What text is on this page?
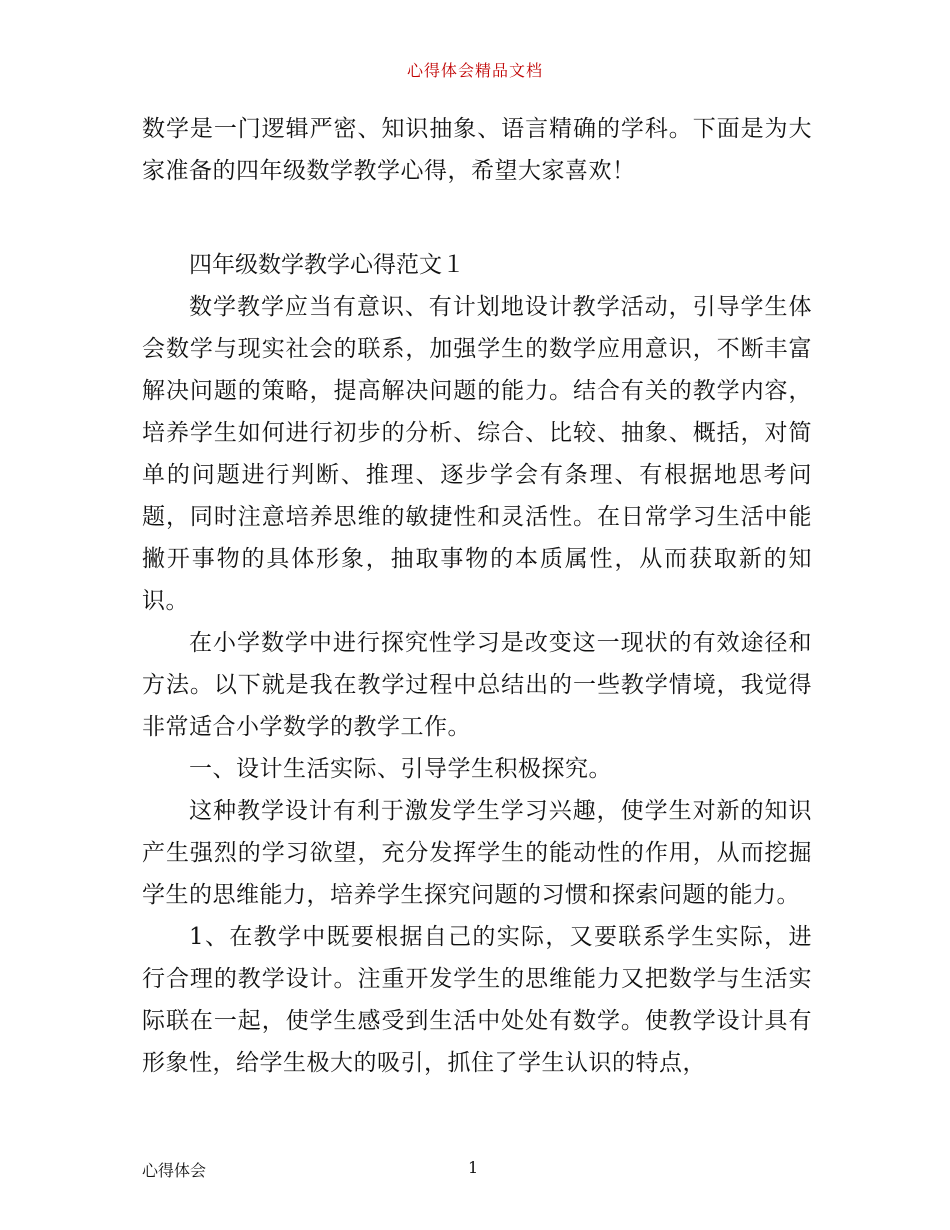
心得体会精品文档

数学是一门逻辑严密、知识抽象、语言精确的学科。下面是为大家准备的四年级数学教学心得，希望大家喜欢！

四年级数学教学心得范文１

数学教学应当有意识、有计划地设计教学活动，引导学生体会数学与现实社会的联系，加强学生的数学应用意识，不断丰富解决问题的策略，提高解决问题的能力。结合有关的教学内容，培养学生如何进行初步的分析、综合、比较、抽象、概括，对简单的问题进行判断、推理、逐步学会有条理、有根据地思考问题，同时注意培养思维的敏捷性和灵活性。在日常学习生活中能撇开事物的具体形象，抽取事物的本质属性，从而获取新的知识。

在小学数学中进行探究性学习是改变这一现状的有效途径和方法。以下就是我在教学过程中总结出的一些教学情境，我觉得非常适合小学数学的教学工作。

一、设计生活实际、引导学生积极探究。

这种教学设计有利于激发学生学习兴趣，使学生对新的知识产生强烈的学习欲望，充分发挥学生的能动性的作用，从而挖掘学生的思维能力，培养学生探究问题的习惯和探索问题的能力。

1、在教学中既要根据自己的实际，又要联系学生实际，进行合理的教学设计。注重开发学生的思维能力又把数学与生活实际联在一起，使学生感受到生活中处处有数学。使教学设计具有形象性，给学生极大的吸引，抓住了学生认识的特点，

心得体会	1
